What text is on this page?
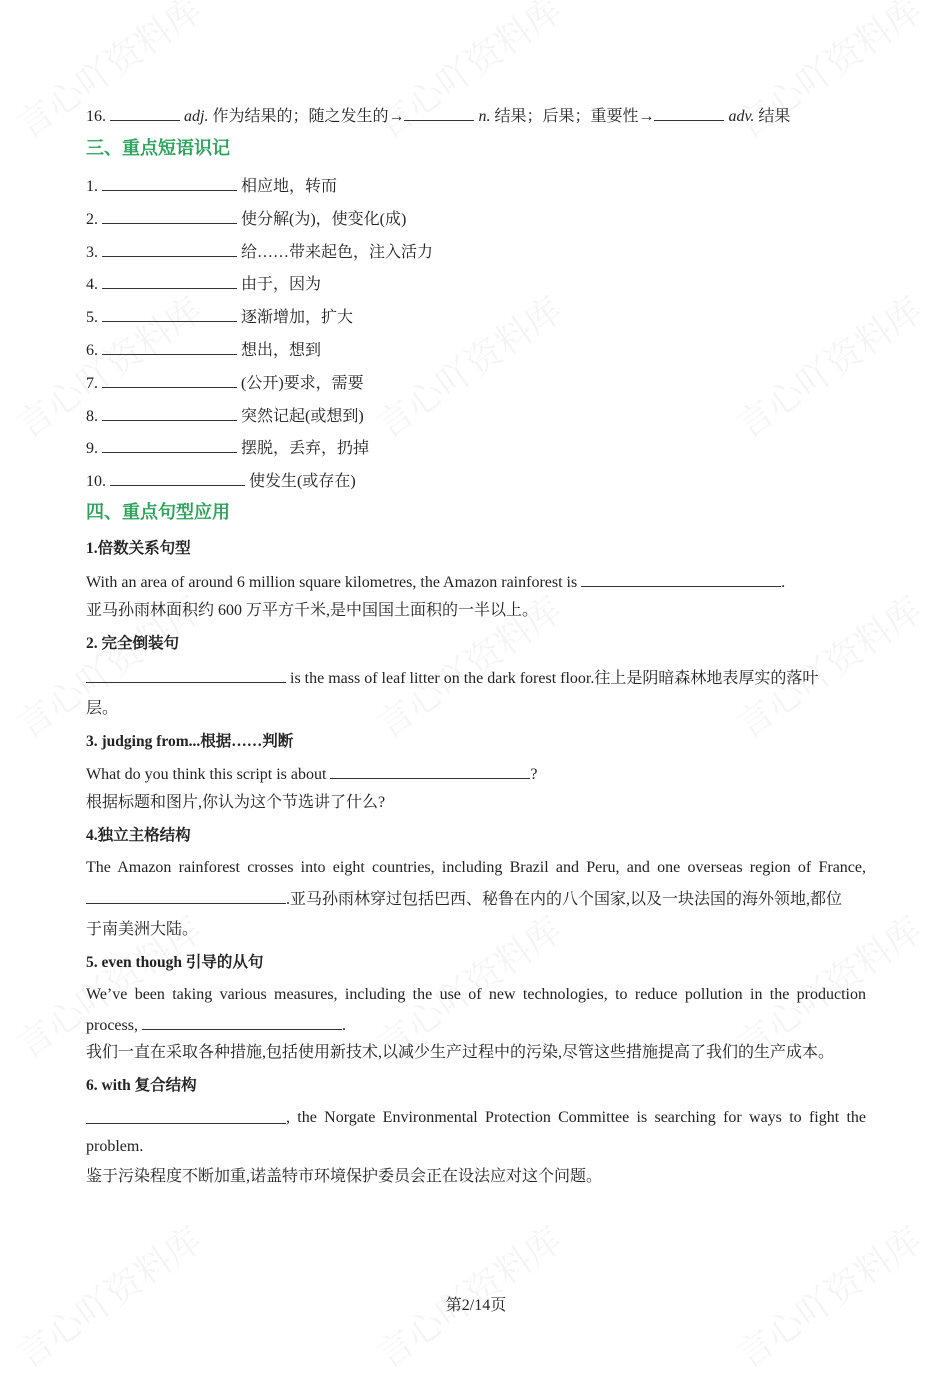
16.	adj. 作为结果的；随之发生的→	n. 结果；后果；重要性→	adv. 结果
三、重点短语识记
1.	相应地，转而
2.	使分解(为)，使变化(成)
3.	给……带来起色，注入活力
4.	由于，因为
5.	逐渐增加，扩大
6.	想出，想到
7.	(公开)要求，需要
8.	突然记起(或想到)
9.	摆脱，丢弃，扔掉
10.	使发生(或存在)
四、重点句型应用
1.倍数关系句型
With an area of around 6 million square kilometres, the Amazon rainforest is	.
亚马孙雨林面积约 600 万平方千米,是中国国土面积的一半以上。
2. 完全倒装句
is the mass of leaf litter on the dark forest floor.往上是阴暗森林地表厚实的落叶
层。
3. judging from...根据……判断
What do you think this script is about	?
根据标题和图片,你认为这个节选讲了什么?
4.独立主格结构
The Amazon rainforest crosses into eight countries, including Brazil and Peru, and one overseas region of France,
.亚马孙雨林穿过包括巴西、秘鲁在内的八个国家,以及一块法国的海外领地,都位
于南美洲大陆。
5. even though 引导的从句
We’ve been taking various measures, including the use of new technologies, to reduce pollution in the production
process,	.
我们一直在采取各种措施,包括使用新技术,以减少生产过程中的污染,尽管这些措施提高了我们的生产成本。
6. with 复合结构
, the Norgate Environmental Protection Committee is searching for ways to fight the
problem.
鉴于污染程度不断加重,诺盖特市环境保护委员会正在设法应对这个问题。
第2/14页
